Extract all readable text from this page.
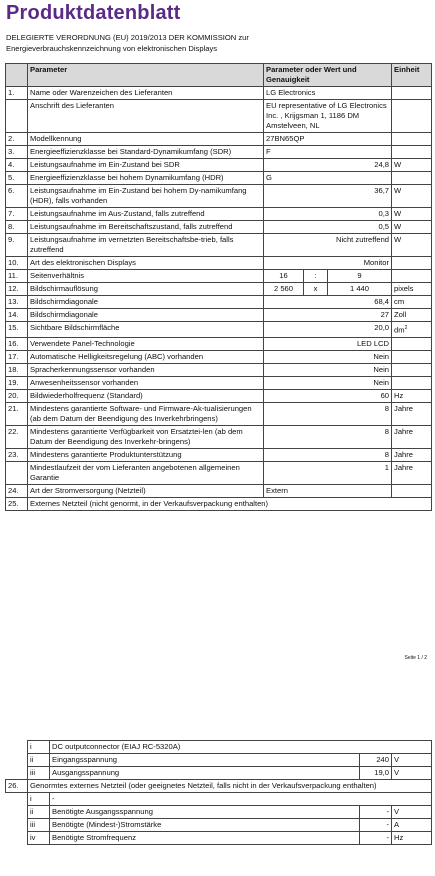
Produktdatenblatt
DELEGIERTE VERORDNUNG (EU) 2019/2013 DER KOMMISSION zur
Energieverbrauchskennzeichnung von elektronischen Displays
	Parameter	Parameter oder Wert und Genauigkeit			Einheit
1.	Name oder Warenzeichen des Lieferanten	LG Electronics			
	Anschrift des Lieferanten	EU representative of LG Electronics Inc. , Krijgsman 1, 1186 DM Amstelveen, NL			
2.	Modellkennung	27BN65QP			
3.	Energieeffizienzklasse bei Standard-Dynamikumfang (SDR)	F			
4.	Leistungsaufnahme im Ein-Zustand bei SDR	24,8			W
5.	Energieeffizienzklasse bei hohem Dynamikumfang (HDR)	G			
6.	Leistungsaufnahme im Ein-Zustand bei hohem Dy-namikumfang (HDR), falls vorhanden	36,7			W
7.	Leistungsaufnahme im Aus-Zustand, falls zutreffend	0,3			W
8.	Leistungsaufnahme im Bereitschaftszustand, falls zutreffend	0,5			W
9.	Leistungsaufnahme im vernetzten Bereitschaftsbe-trieb, falls zutreffend	Nicht zutreffend			W
10.	Art des elektronischen Displays	Monitor			
11.	Seitenverhältnis	16	:	9	
12.	Bildschirmauflösung	2 560	x	1 440	pixels
13.	Bildschirmdiagonale	68,4			cm
14.	Bildschirmdiagonale	27			Zoll
15.	Sichtbare Bildschirmfläche	20,0			$dm^2$
16.	Verwendete Panel-Technologie	LED LCD			
17.	Automatische Helligkeitsregelung (ABC) vorhanden	Nein			
18.	Spracherkennungssensor vorhanden	Nein			
19.	Anwesenheitssensor vorhanden	Nein			
20.	Bildwiederholfrequenz (Standard)	60			Hz
21.	Mindestens garantierte Software- und Firmware-Ak-tualisierungen (ab dem Datum der Beendigung des Inverkehrbringens)	8			Jahre
22.	Mindestens garantierte Verfügbarkeit von Ersatztei-len (ab dem Datum der Beendigung des Inverkehr-bringens)	8			Jahre
23.	Mindestens garantierte Produktunterstützung	8			Jahre
	Mindestlaufzeit der vom Lieferanten angebotenen allgemeinen Garantie	1			Jahre
24.	Art der Stromversorgung (Netzteil)	Extern			
25.	Externes Netzteil (nicht genormt, in der Verkaufsverpackung enthalten)				
Seite 1 / 2
	i	DC outputconnector (EIAJ RC-5320A)		
	ii	Eingangsspannung	240	V
	iii	Ausgangsspannung	19,0	V
26.	Genormtes externes Netzteil (oder geeignetes Netzteil, falls nicht in der Verkaufsverpackung enthalten)			
	i	-		
	ii	Benötigte Ausgangsspannung	-	V
	iii	Benötigte (Mindest-)Stromstärke	-	A
	iv	Benötigte Stromfrequenz	-	Hz
